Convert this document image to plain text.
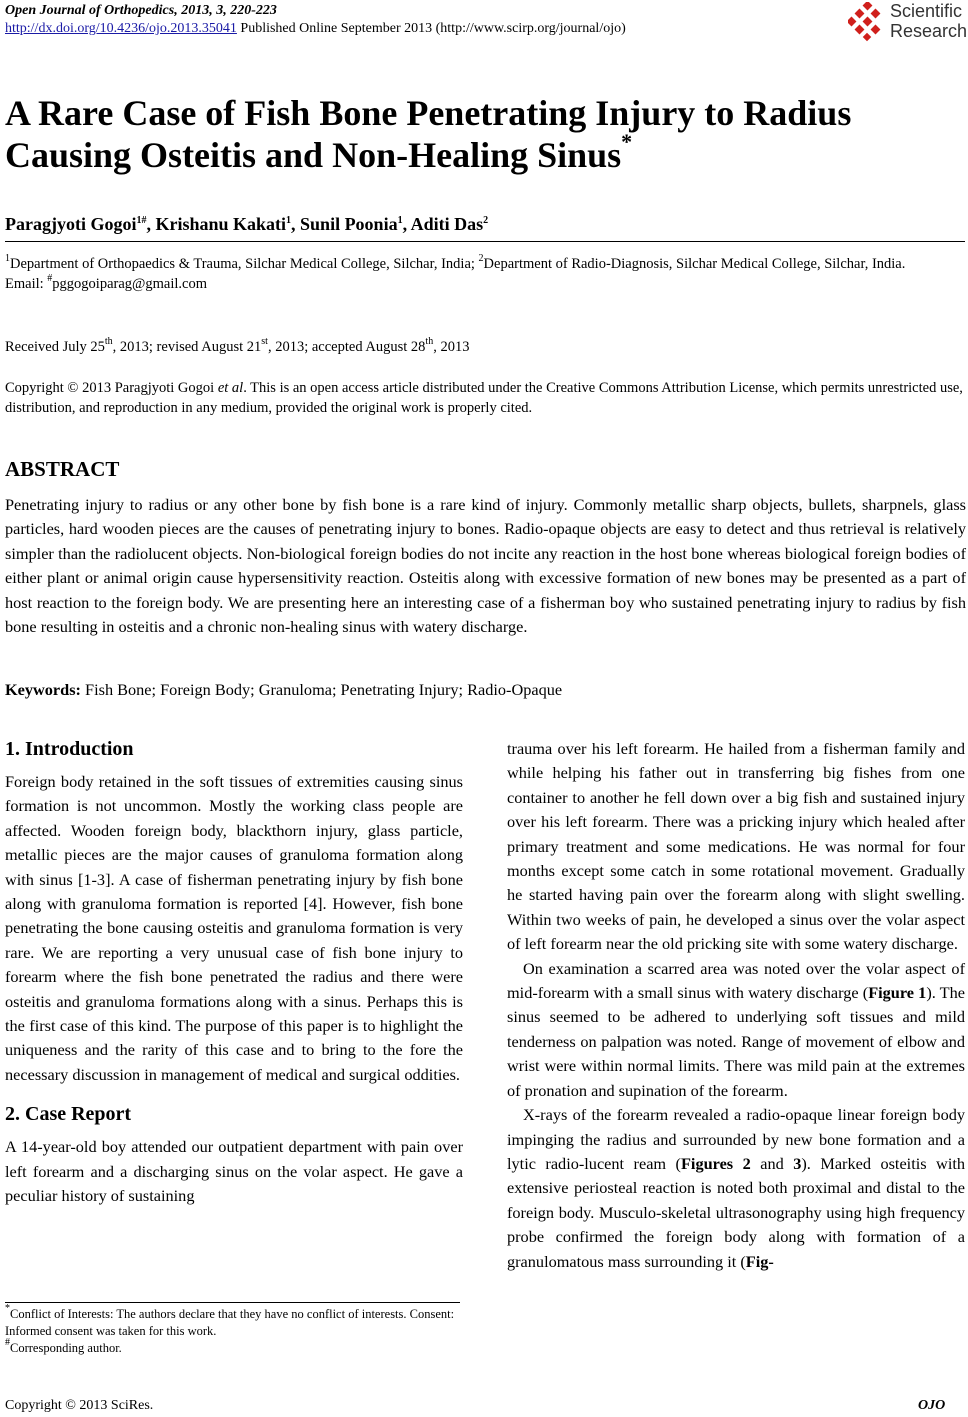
Open Journal of Orthopedics, 2013, 3, 220-223
http://dx.doi.org/10.4236/ojo.2013.35041 Published Online September 2013 (http://www.scirp.org/journal/ojo)
Scientific
Research
A Rare Case of Fish Bone Penetrating Injury to Radius
Causing Osteitis and Non-Healing Sinus*
Paragjyoti Gogoi$^{1\#}$, Krishanu Kakati$^1$, Sunil Poonia$^1$, Aditi Das$^2$
$^1$Department of Orthopaedics & Trauma, Silchar Medical College, Silchar, India; $^2$Department of Radio-Diagnosis, Silchar Medical College, Silchar, India.
Email: #pggogoiparag@gmail.com
Received July 25th, 2013; revised August 21st, 2013; accepted August 28th, 2013
Copyright © 2013 Paragjyoti Gogoi et al. This is an open access article distributed under the Creative Commons Attribution License, which permits unrestricted use, distribution, and reproduction in any medium, provided the original work is properly cited.
ABSTRACT
Penetrating injury to radius or any other bone by fish bone is a rare kind of injury. Commonly metallic sharp objects, bullets, sharpnels, glass particles, hard wooden pieces are the causes of penetrating injury to bones. Radio-opaque objects are easy to detect and thus retrieval is relatively simpler than the radiolucent objects. Non-biological foreign bodies do not incite any reaction in the host bone whereas biological foreign bodies of either plant or animal origin cause hypersensitivity reaction. Osteitis along with excessive formation of new bones may be presented as a part of host reaction to the foreign body. We are presenting here an interesting case of a fisherman boy who sustained penetrating injury to radius by fish bone resulting in osteitis and a chronic non-healing sinus with watery discharge.
Keywords: Fish Bone; Foreign Body; Granuloma; Penetrating Injury; Radio-Opaque
1. Introduction

Foreign body retained in the soft tissues of extremities causing sinus formation is not uncommon. Mostly the working class people are affected. Wooden foreign body, blackthorn injury, glass particle, metallic pieces are the major causes of granuloma formation along with sinus [1-3]. A case of fisherman penetrating injury by fish bone along with granuloma formation is reported [4]. However, fish bone penetrating the bone causing osteitis and granuloma formation is very rare. We are reporting a very unusual case of fish bone injury to forearm where the fish bone penetrated the radius and there were osteitis and granuloma formations along with a sinus. Perhaps this is the first case of this kind. The purpose of this paper is to highlight the uniqueness and the rarity of this case and to bring to the fore the necessary discussion in management of medical and surgical oddities.

2. Case Report

A 14-year-old boy attended our outpatient department with pain over left forearm and a discharging sinus on the volar aspect. He gave a peculiar history of sustaining

trauma over his left forearm. He hailed from a fisherman family and while helping his father out in transferring big fishes from one container to another he fell down over a big fish and sustained injury over his left forearm. There was a pricking injury which healed after primary treatment and some medications. He was normal for four months except some catch in some rotational movement. Gradually he started having pain over the forearm along with slight swelling. Within two weeks of pain, he developed a sinus over the volar aspect of left forearm near the old pricking site with some watery discharge.

On examination a scarred area was noted over the volar aspect of mid-forearm with a small sinus with watery discharge (Figure 1). The sinus seemed to be adhered to underlying soft tissues and mild tenderness on palpation was noted. Range of movement of elbow and wrist were within normal limits. There was mild pain at the extremes of pronation and supination of the forearm.

X-rays of the forearm revealed a radio-opaque linear foreign body impinging the radius and surrounded by new bone formation and a lytic radio-lucent ream (Figures 2 and 3). Marked osteitis with extensive periosteal reaction is noted both proximal and distal to the foreign body. Musculo-skeletal ultrasonography using high frequency probe confirmed the foreign body along with formation of a granulomatous mass surrounding it (Fig-

*Conflict of Interests: The authors declare that they have no conflict of interests. Consent: Informed consent was taken for this work.

#Corresponding author.

Copyright © 2013 SciRes.	OJO
